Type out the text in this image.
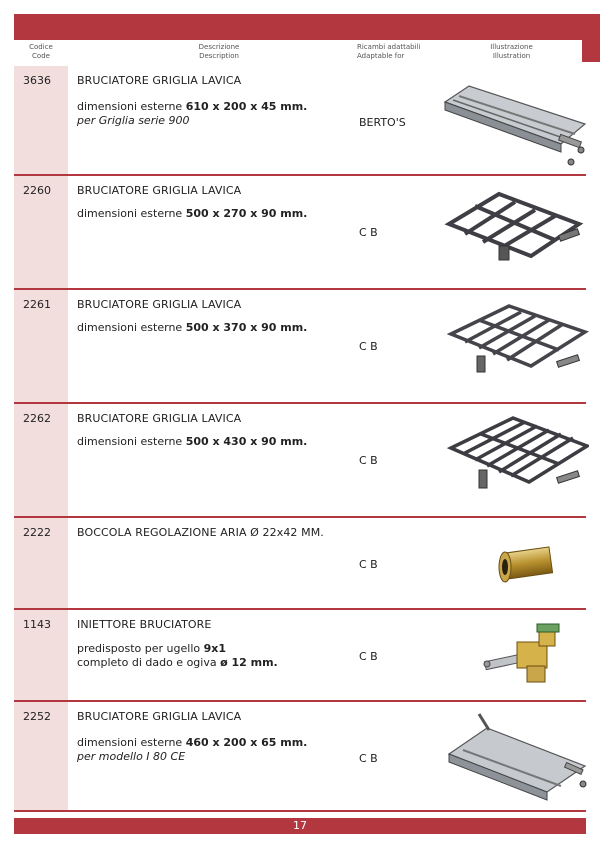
Codice
Code
Descrizione
Description
Ricambi adattabili
Adaptable for
Illustrazione
Illustration
3636 BRUCIATORE GRIGLIA LAVICA
dimensioni esterne 610 x 200 x 45 mm.
per Griglia serie 900	BERTO'S
2260 BRUCIATORE GRIGLIA LAVICA
dimensioni esterne 500 x 270 x 90 mm.
C B
2261 BRUCIATORE GRIGLIA LAVICA
dimensioni esterne 500 x 370 x 90 mm.
C B
2262 BRUCIATORE GRIGLIA LAVICA
dimensioni esterne 500 x 430 x 90 mm.
C B
2222 BOCCOLA REGOLAZIONE ARIA Ø 22x42 MM.
C B
1143 INIETTORE BRUCIATORE
predisposto per ugello 9x1
completo di dado e ogiva ø 12 mm.	C B
2252 BRUCIATORE GRIGLIA LAVICA
dimensioni esterne 460 x 200 x 65 mm.
per modello I 80 CE	C B
17
